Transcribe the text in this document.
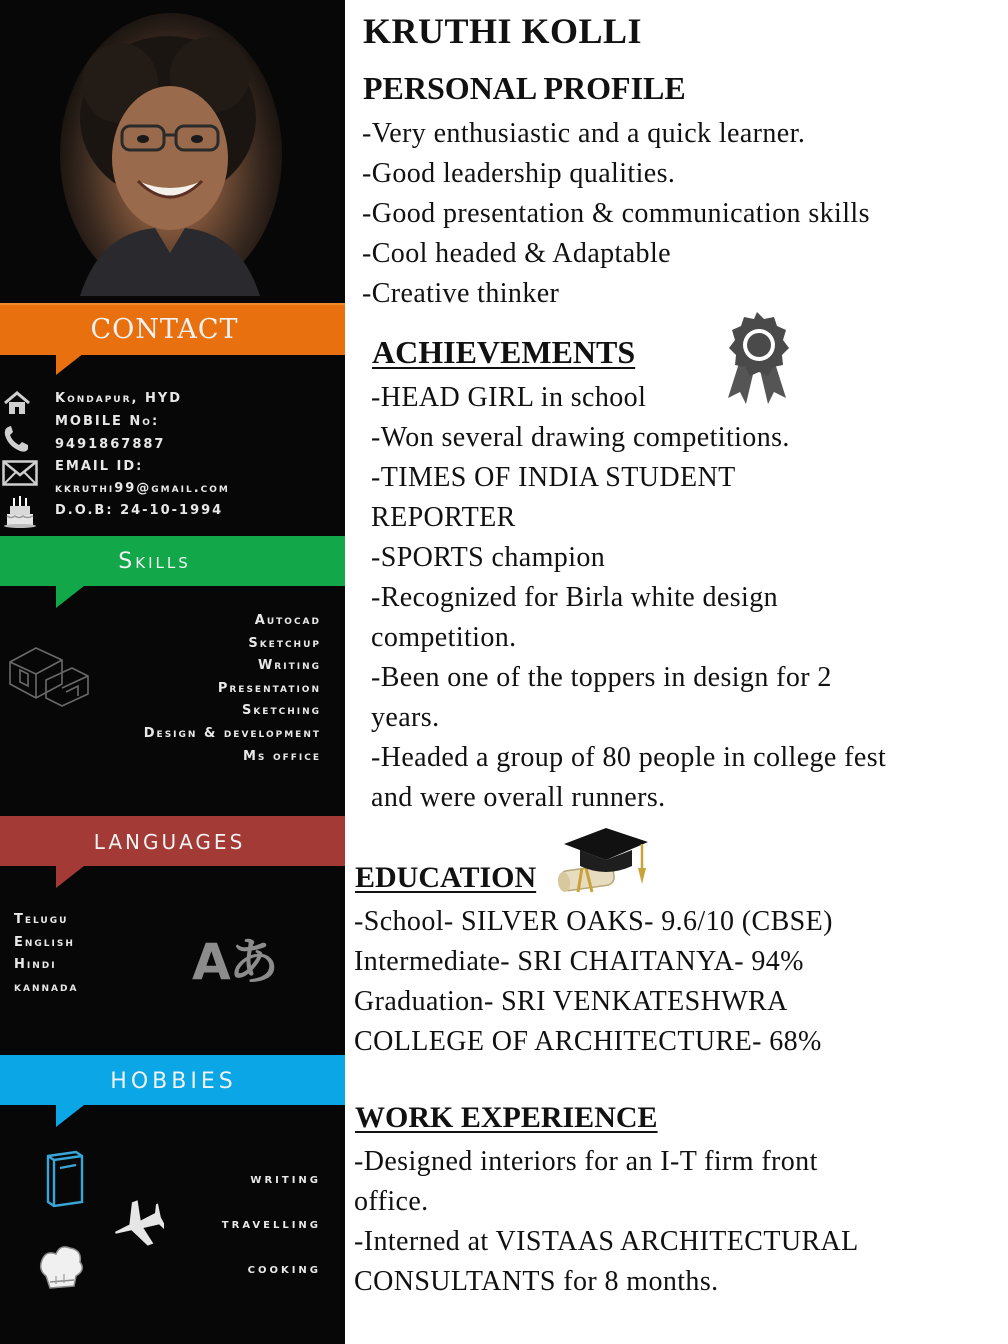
CONTACT
Kondapur, HYD
MOBILE No:
9491867887
EMAIL ID:
kkruthi99@gmail.com
D.O.B: 24-10-1994
Skills
Autocad
Sketchup
Writing
Presentation
Sketching
Design & development
Ms office
LANGUAGES
Telugu
English
Hindi
kannada Aあ
HOBBIES
writing
travelling
cooking
KRUTHI KOLLI
PERSONAL PROFILE
-Very enthusiastic and a quick learner.
-Good leadership qualities.
-Good presentation & communication skills
-Cool headed & Adaptable
-Creative thinker
ACHIEVEMENTS
-HEAD GIRL in school
-Won several drawing competitions.
-TIMES OF INDIA STUDENT
REPORTER
-SPORTS champion
-Recognized for Birla white design
competition.
-Been one of the toppers in design for 2
years.
-Headed a group of 80 people in college fest
and were overall runners.
EDUCATION
-School- SILVER OAKS- 9.6/10 (CBSE)
Intermediate- SRI CHAITANYA- 94%
Graduation- SRI VENKATESHWRA
COLLEGE OF ARCHITECTURE- 68%
WORK EXPERIENCE
-Designed interiors for an I-T firm front
office.
-Interned at VISTAAS ARCHITECTURAL
CONSULTANTS for 8 months.
